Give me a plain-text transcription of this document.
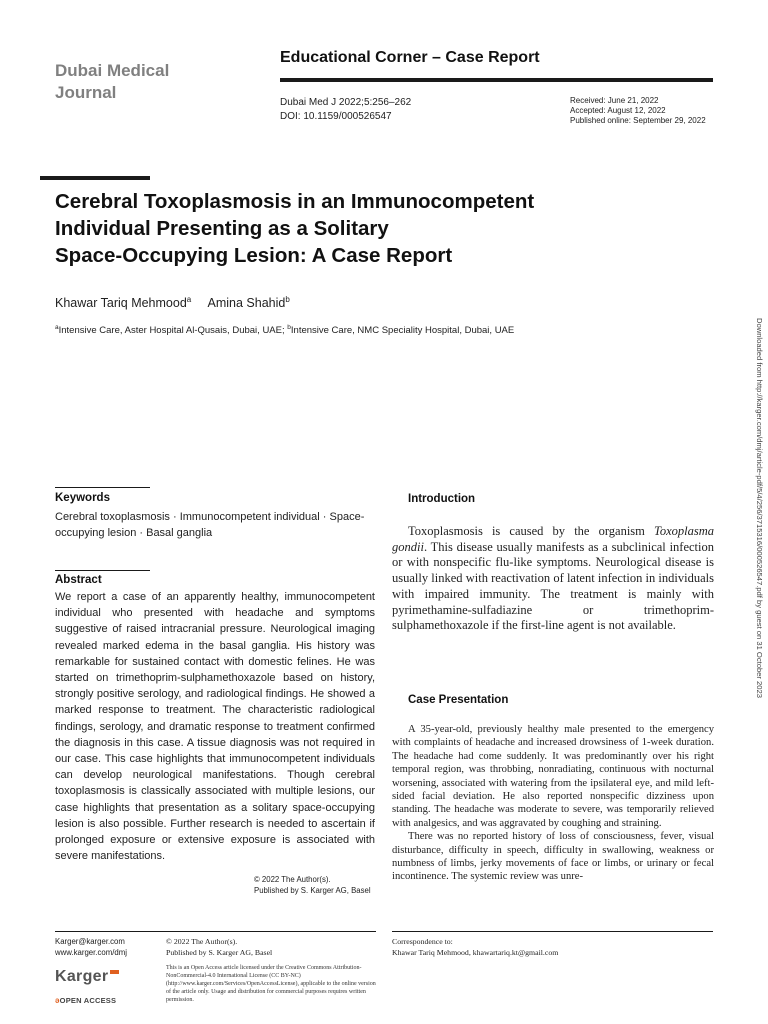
Dubai Medical
Journal
Educational Corner – Case Report
Dubai Med J 2022;5:256–262
DOI: 10.1159/000526547
Received: June 21, 2022
Accepted: August 12, 2022
Published online: September 29, 2022
Cerebral Toxoplasmosis in an Immunocompetent
Individual Presenting as a Solitary
Space-Occupying Lesion: A Case Report
Khawar Tariq Mehmood$^a$ Amina Shahid$^b$
$^a$Intensive Care, Aster Hospital Al-Qusais, Dubai, UAE; $^b$Intensive Care, NMC Speciality Hospital, Dubai, UAE	Downloaded from http://karger.com/dmj/article-pdf/5/4/256/3715316/000526547.pdf by guest on 31 October 2023
Keywords
Cerebral toxoplasmosis · Immunocompetent individual · Space-occupying lesion · Basal ganglia
Abstract
We report a case of an apparently healthy, immunocompetent individual who presented with headache and symptoms suggestive of raised intracranial pressure. Neurological imaging revealed marked edema in the basal ganglia. His history was remarkable for sustained contact with domestic felines. He was started on trimethoprim-sulphamethoxazole based on history, strongly positive serology, and radiological findings. He showed a marked response to treatment. The characteristic radiological findings, serology, and dramatic response to treatment confirmed the diagnosis in this case. A tissue diagnosis was not required in our case. This case highlights that immunocompetent individuals can develop neurological manifestations. Though cerebral toxoplasmosis is classically associated with multiple lesions, our case highlights that presentation as a solitary space-occupying lesion is also possible. Further research is needed to ascertain if prolonged exposure or extensive exposure is associated with severe manifestations.
© 2022 The Author(s).
Published by S. Karger AG, Basel
Introduction
Toxoplasmosis is caused by the organism Toxoplasma gondii. This disease usually manifests as a subclinical infection or with nonspecific flu-like symptoms. Neurological disease is usually linked with reactivation of latent infection in individuals with impaired immunity. The treatment is mainly with pyrimethamine-sulfadiazine or trimethoprim-sulphamethoxazole if the first-line agent is not available.
Case Presentation

A 35-year-old, previously healthy male presented to the emergency with complaints of headache and increased drowsiness of 1-week duration. The headache had come suddenly. It was predominantly over his right temporal region, was throbbing, nonradiating, continuous with nocturnal worsening, associated with watering from the ipsilateral eye, and mild left-sided facial deviation. He also reported nonspecific dizziness upon standing. The headache was moderate to severe, was temporarily relieved with analgesics, and was aggravated by coughing and straining.

There was no reported history of loss of consciousness, fever, visual disturbance, difficulty in speech, difficulty in swallowing, weakness or numbness of limbs, jerky movements of face or limbs, or urinary or fecal incontinence. The systemic review was unre-

Karger@karger.com
www.karger.com/dmj
© 2022 The Author(s).
Published by S. Karger AG, Basel
This is an Open Access article licensed under the Creative Commons Attribution-NonCommercial-4.0 International License (CC BY-NC) (http://www.karger.com/Services/OpenAccessLicense), applicable to the online version of the article only. Usage and distribution for commercial purposes requires written permission.
Correspondence to:
Khawar Tariq Mehmood, khawartariq.kt@gmail.com
Karger
əOPEN ACCESS
